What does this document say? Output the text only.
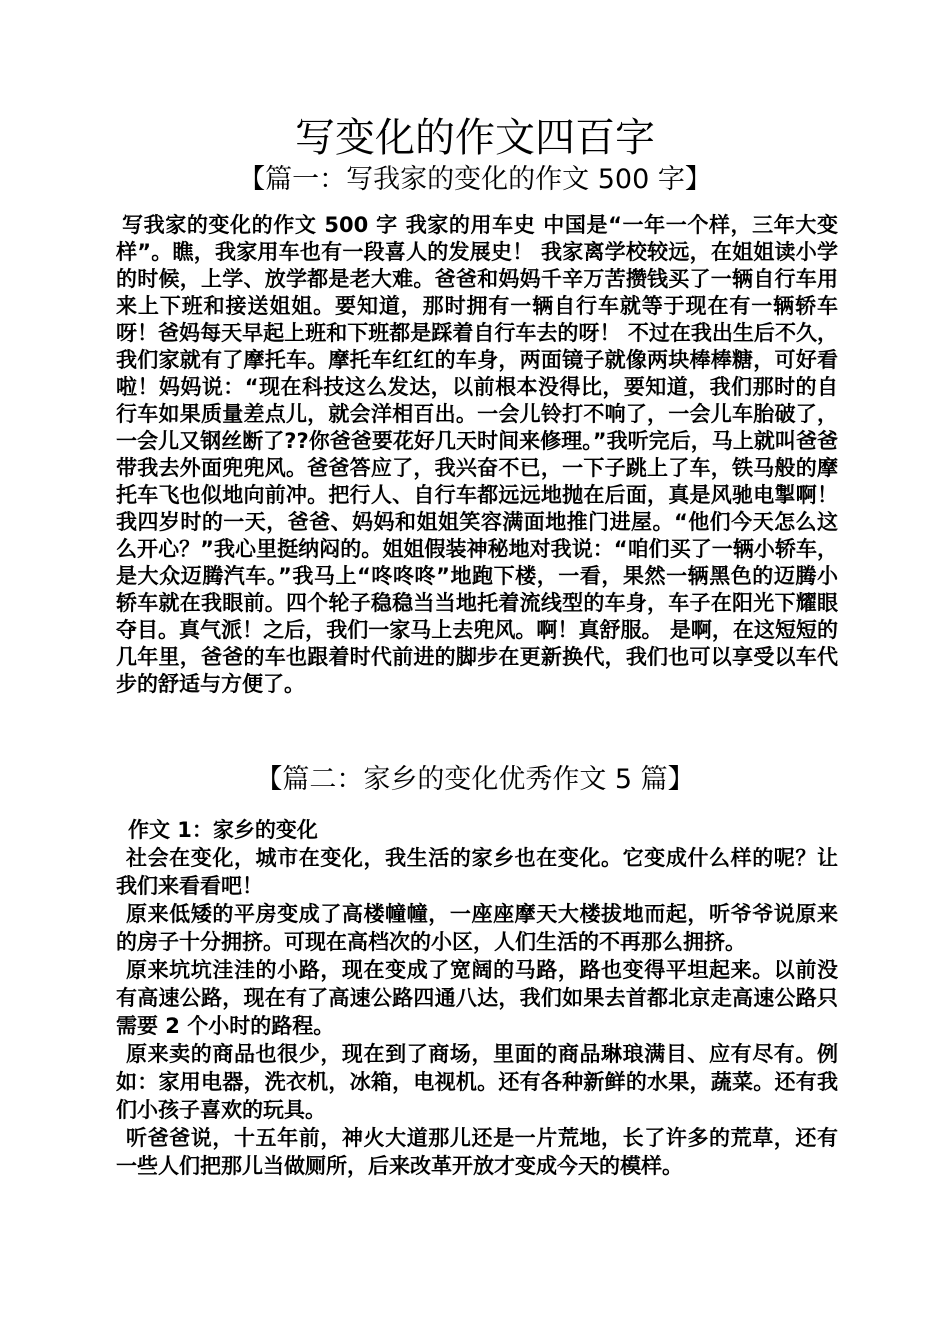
写变化的作文四百字
【篇一：写我家的变化的作文 500 字】

写我家的变化的作文 500 字 我家的用车史 中国是“一年一个样，三年大变样”。瞧，我家用车也有一段喜人的发展史！ 我家离学校较远，在姐姐读小学的时候，上学、放学都是老大难。爸爸和妈妈千辛万苦攒钱买了一辆自行车用来上下班和接送姐姐。要知道，那时拥有一辆自行车就等于现在有一辆轿车呀！爸妈每天早起上班和下班都是踩着自行车去的呀！ 不过在我出生后不久，我们家就有了摩托车。摩托车红红的车身，两面镜子就像两块棒棒糖，可好看啦！妈妈说：“现在科技这么发达，以前根本没得比，要知道，我们那时的自行车如果质量差点儿，就会洋相百出。一会儿铃打不响了，一会儿车胎破了，一会儿又钢丝断了??你爸爸要花好几天时间来修理。”我听完后，马上就叫爸爸带我去外面兜兜风。爸爸答应了，我兴奋不已，一下子跳上了车，铁马般的摩托车飞也似地向前冲。把行人、自行车都远远地抛在后面，真是风驰电掣啊！ 我四岁时的一天，爸爸、妈妈和姐姐笑容满面地推门进屋。“他们今天怎么这么开心？”我心里挺纳闷的。姐姐假装神秘地对我说：“咱们买了一辆小轿车，是大众迈腾汽车。”我马上“咚咚咚”地跑下楼，一看，果然一辆黑色的迈腾小轿车就在我眼前。四个轮子稳稳当当地托着流线型的车身，车子在阳光下耀眼夺目。真气派！之后，我们一家马上去兜风。啊！真舒服。 是啊，在这短短的几年里，爸爸的车也跟着时代前进的脚步在更新换代，我们也可以享受以车代步的舒适与方便了。

【篇二：家乡的变化优秀作文 5 篇】

作文 1：家乡的变化

社会在变化，城市在变化，我生活的家乡也在变化。它变成什么样的呢？让我们来看看吧！

原来低矮的平房变成了高楼幢幢，一座座摩天大楼拔地而起，听爷爷说原来的房子十分拥挤。可现在高档次的小区，人们生活的不再那么拥挤。

原来坑坑洼洼的小路，现在变成了宽阔的马路，路也变得平坦起来。以前没有高速公路，现在有了高速公路四通八达，我们如果去首都北京走高速公路只需要 2 个小时的路程。

原来卖的商品也很少，现在到了商场，里面的商品琳琅满目、应有尽有。例如：家用电器，洗衣机，冰箱，电视机。还有各种新鲜的水果，蔬菜。还有我们小孩子喜欢的玩具。

听爸爸说，十五年前，神火大道那儿还是一片荒地，长了许多的荒草，还有一些人们把那儿当做厕所，后来改革开放才变成今天的模样。
